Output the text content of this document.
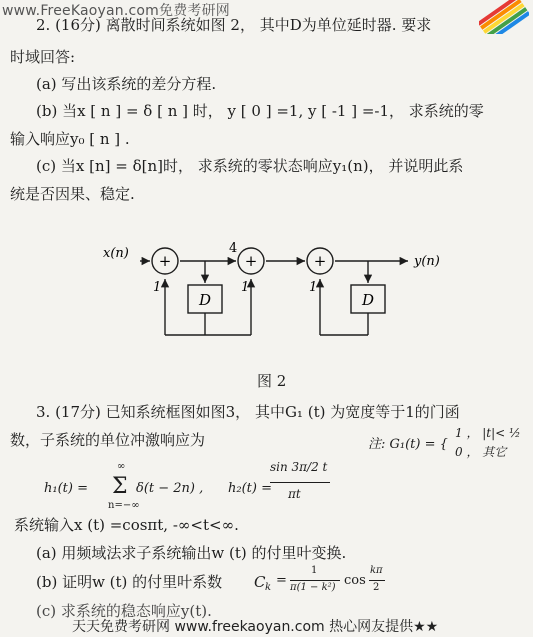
www.FreeKaoyan.com免费考研网
2. (16分) 离散时间系统如图 2， 其中D为单位延时器. 要求
时域回答:
(a) 写出该系统的差分方程.
(b) 当x [ n ] = δ [ n ] 时， y [ 0 ] =1, y [ -1 ] =-1， 求系统的零
输入响应y₀ [ n ] .
(c) 当x [n] = δ[n]时， 求系统的零状态响应y₁(n)， 并说明此系
统是否因果、稳定.
+	+	+
D	D
x(n)
y(n)
4
1	1	1
图 2
3. (17分) 已知系统框图如图3， 其中G₁ (t) 为宽度等于1的门函
数，子系统的单位冲激响应为	注: G₁(t) = {
1 ， |t|< ½
0 ， 其它
h₁(t) =
∞
Σ
n=−∞
δ(t − 2n) , h₂(t) =
sin 3π/2 t
πt
系统输入x (t) =cosπt, -∞<t<∞.
(a) 用频域法求子系统输出w (t) 的付里叶变换.
(b) 证明w (t) 的付里叶系数 C k =
1
π(1 − k²) cos
kπ
2
(c) 求系统的稳态响应y(t).
天天免费考研网 www.freekaoyan.com 热心网友提供★★
